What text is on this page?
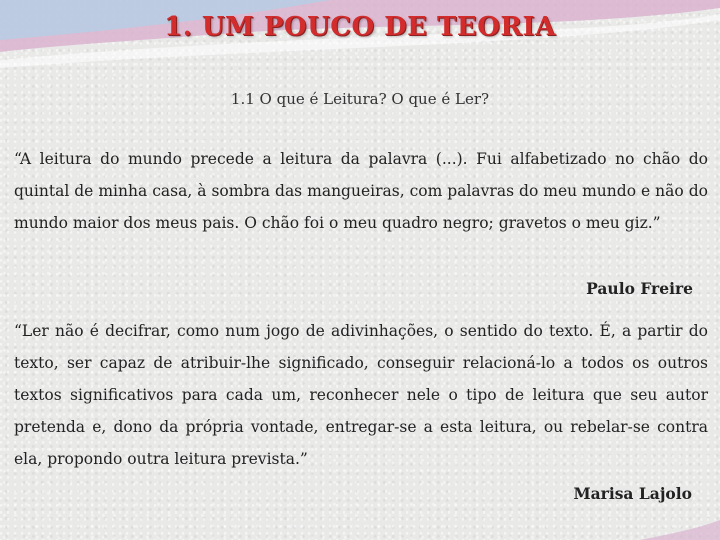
1. UM POUCO DE TEORIA
1.1 O que é Leitura? O que é Ler?

“A leitura do mundo precede a leitura da palavra (...). Fui alfabetizado no chão do quintal de minha casa, à sombra das mangueiras, com palavras do meu mundo e não do mundo maior dos meus pais. O chão foi o meu quadro negro; gravetos o meu giz.”

Paulo Freire

“Ler não é decifrar, como num jogo de adivinhações, o sentido do texto. É, a partir do texto, ser capaz de atribuir-lhe significado, conseguir relacioná-lo a todos os outros textos significativos para cada um, reconhecer nele o tipo de leitura que seu autor pretenda e, dono da própria vontade, entregar-se a esta leitura, ou rebelar-se contra ela, propondo outra leitura prevista.”

Marisa Lajolo
